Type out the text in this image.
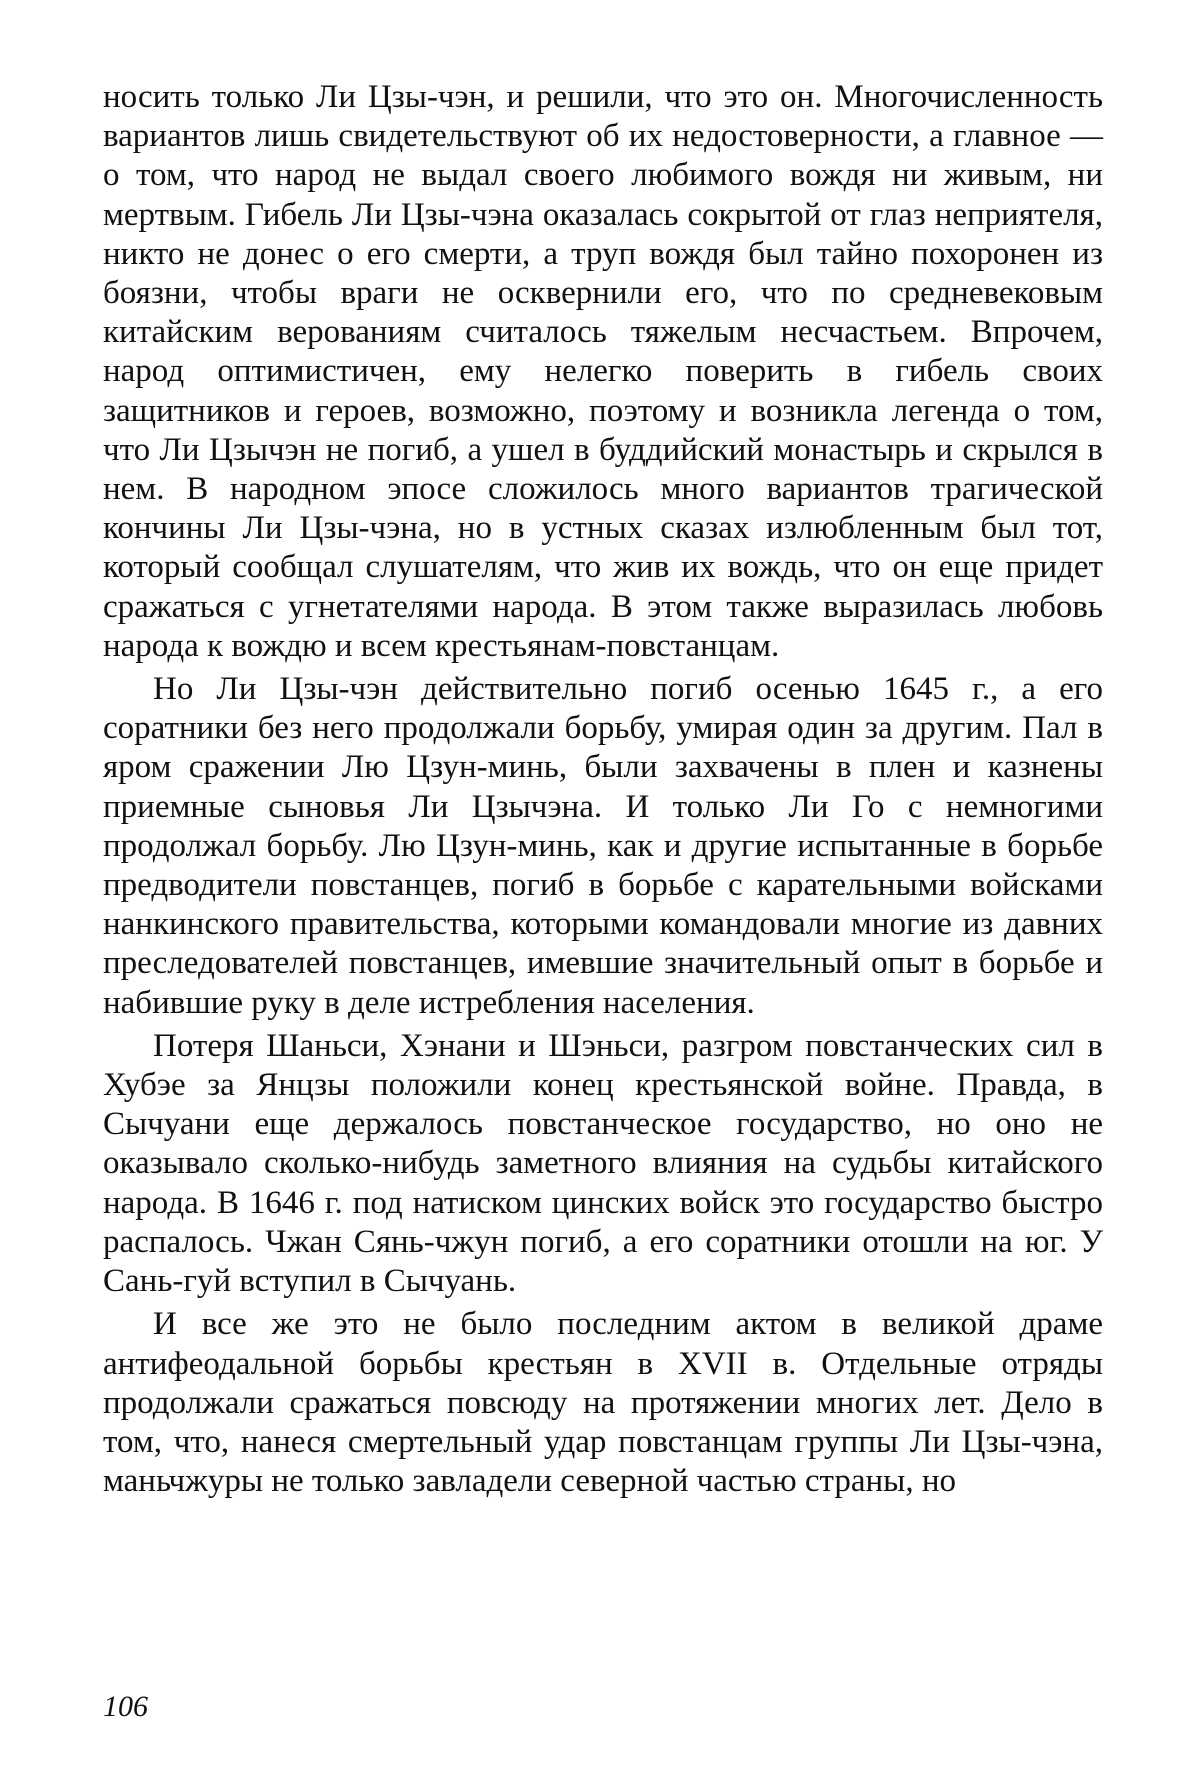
носить только Ли Цзы-чэн, и решили, что это он. Многочисленность вариантов лишь свидетельствуют об их недостоверности, а главное — о том, что народ не выдал своего любимого вождя ни живым, ни мертвым. Гибель Ли Цзы-чэна оказалась сокрытой от глаз неприятеля, никто не донес о его смерти, а труп вождя был тайно похоронен из боязни, чтобы враги не осквернили его, что по средневековым китайским верованиям считалось тяжелым несчастьем. Впрочем, народ оптимистичен, ему нелегко поверить в гибель своих защитников и героев, возможно, поэтому и возникла легенда о том, что Ли Цзычэн не погиб, а ушел в буддийский монастырь и скрылся в нем. В народном эпосе сложилось много вариантов трагической кончины Ли Цзы-чэна, но в устных сказах излюбленным был тот, который сообщал слушателям, что жив их вождь, что он еще придет сражаться с угнетателями народа. В этом также выразилась любовь народа к вождю и всем крестьянам-повстанцам.

Но Ли Цзы-чэн действительно погиб осенью 1645 г., а его соратники без него продолжали борьбу, умирая один за другим. Пал в яром сражении Лю Цзун-минь, были захвачены в плен и казнены приемные сыновья Ли Цзычэна. И только Ли Го с немногими продолжал борьбу. Лю Цзун-минь, как и другие испытанные в борьбе предводители повстанцев, погиб в борьбе с карательными войсками нанкинского правительства, которыми командовали многие из давних преследователей повстанцев, имевшие значительный опыт в борьбе и набившие руку в деле истребления населения.

Потеря Шаньси, Хэнани и Шэньси, разгром повстанческих сил в Хубэе за Янцзы положили конец крестьянской войне. Правда, в Сычуани еще держалось повстанческое государство, но оно не оказывало сколько-нибудь заметного влияния на судьбы китайского народа. В 1646 г. под натиском цинских войск это государство быстро распалось. Чжан Сянь-чжун погиб, а его соратники отошли на юг. У Сань-гуй вступил в Сычуань.

И все же это не было последним актом в великой драме антифеодальной борьбы крестьян в XVII в. Отдельные отряды продолжали сражаться повсюду на протяжении многих лет. Дело в том, что, нанеся смертельный удар повстанцам группы Ли Цзы-чэна, маньчжуры не только завладели северной частью страны, но

106
